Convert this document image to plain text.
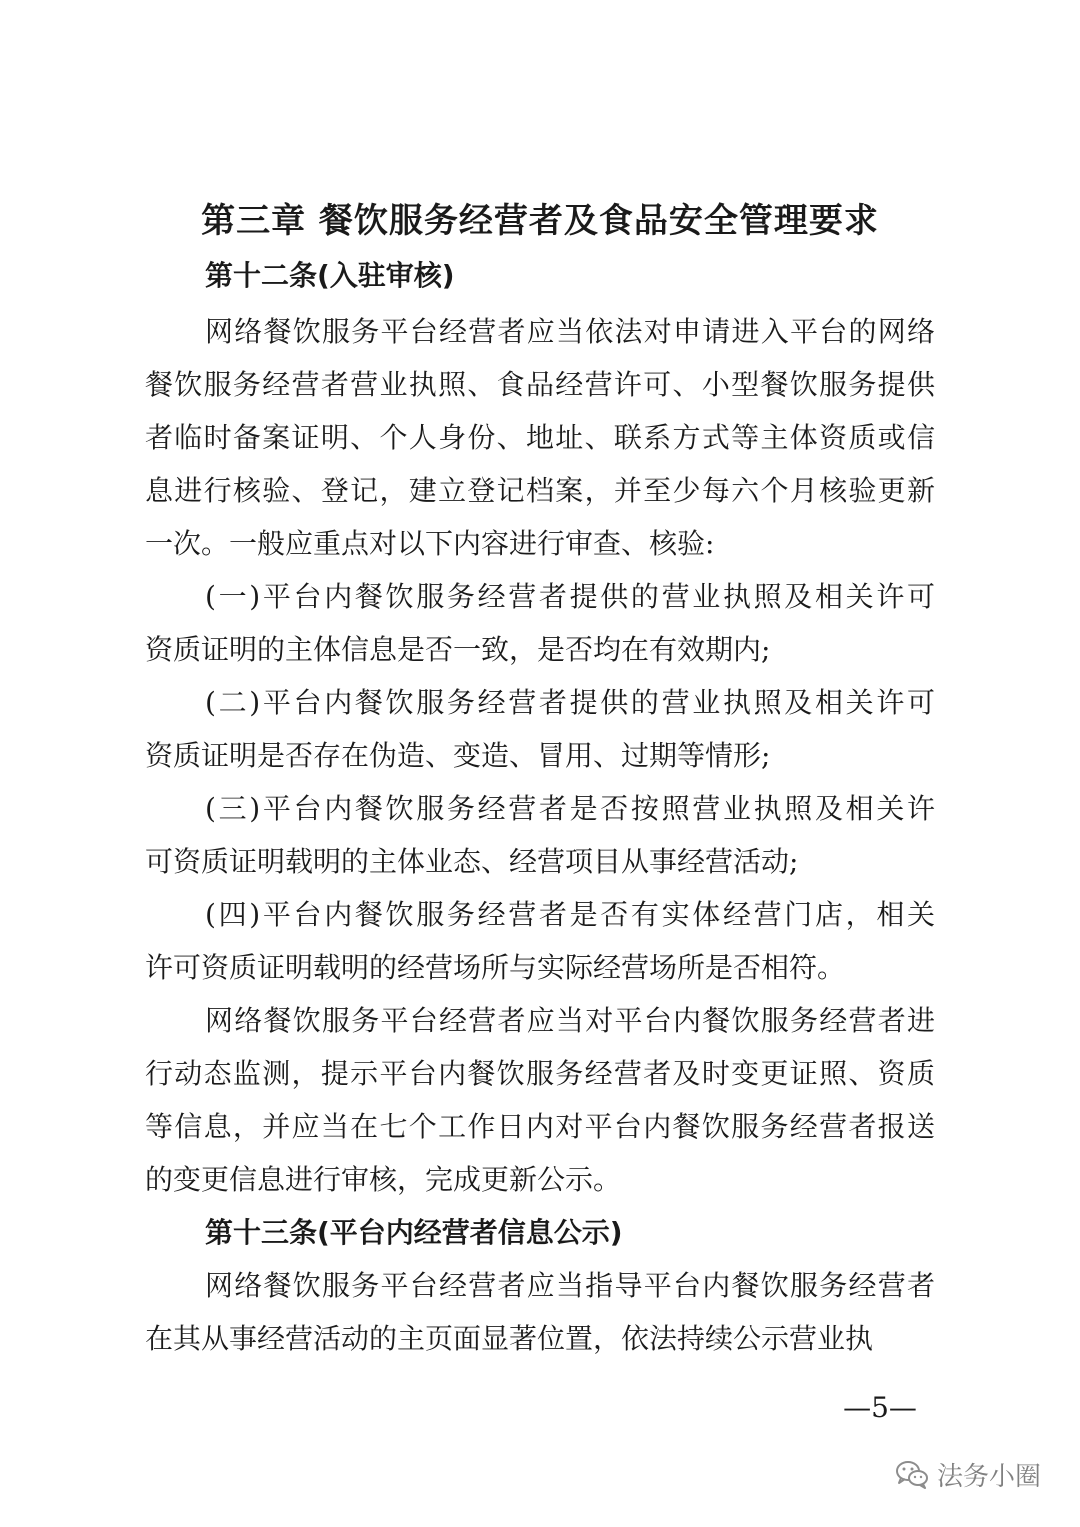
第三章 餐饮服务经营者及食品安全管理要求
第十二条(入驻审核)
网络餐饮服务平台经营者应当依法对申请进入平台的网络
餐饮服务经营者营业执照、食品经营许可、小型餐饮服务提供
者临时备案证明、个人身份、地址、联系方式等主体资质或信
息进行核验、登记，建立登记档案，并至少每六个月核验更新
一次。一般应重点对以下内容进行审查、核验:
(一)平台内餐饮服务经营者提供的营业执照及相关许可
资质证明的主体信息是否一致，是否均在有效期内;
(二)平台内餐饮服务经营者提供的营业执照及相关许可
资质证明是否存在伪造、变造、冒用、过期等情形;
(三)平台内餐饮服务经营者是否按照营业执照及相关许
可资质证明载明的主体业态、经营项目从事经营活动;
(四)平台内餐饮服务经营者是否有实体经营门店，相关
许可资质证明载明的经营场所与实际经营场所是否相符。
网络餐饮服务平台经营者应当对平台内餐饮服务经营者进
行动态监测，提示平台内餐饮服务经营者及时变更证照、资质
等信息，并应当在七个工作日内对平台内餐饮服务经营者报送
的变更信息进行审核，完成更新公示。
第十三条(平台内经营者信息公示)
网络餐饮服务平台经营者应当指导平台内餐饮服务经营者
在其从事经营活动的主页面显著位置，依法持续公示营业执
—5—
法务小圈
